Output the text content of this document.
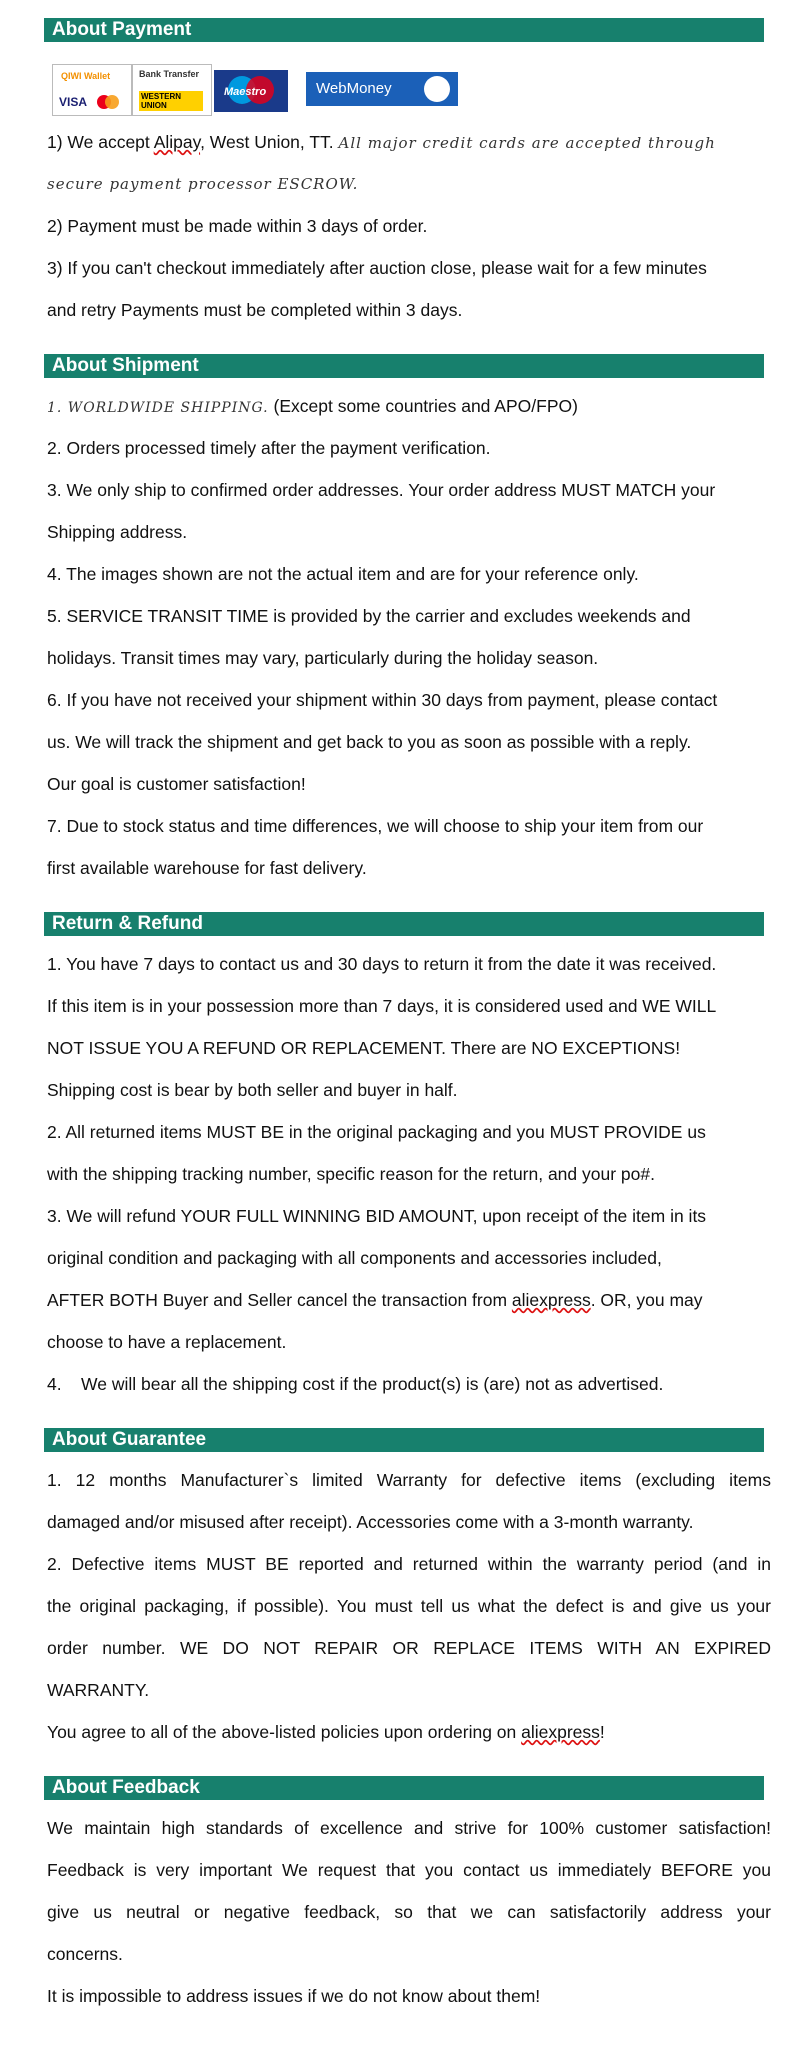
About Payment
QIWI Wallet
VISA
Bank Transfer
WESTERN UNION
Maestro	WebMoney
1) We accept Alipay, West Union, TT. All major credit cards are accepted through
secure payment processor ESCROW.
2) Payment must be made within 3 days of order.
3) If you can't checkout immediately after auction close, please wait for a few minutes
and retry Payments must be completed within 3 days.
About Shipment
1. WORLDWIDE SHIPPING. (Except some countries and APO/FPO)
2. Orders processed timely after the payment verification.
3. We only ship to confirmed order addresses. Your order address MUST MATCH your
Shipping address.
4. The images shown are not the actual item and are for your reference only.
5. SERVICE TRANSIT TIME is provided by the carrier and excludes weekends and
holidays. Transit times may vary, particularly during the holiday season.
6. If you have not received your shipment within 30 days from payment, please contact
us. We will track the shipment and get back to you as soon as possible with a reply.
Our goal is customer satisfaction!
7. Due to stock status and time differences, we will choose to ship your item from our
first available warehouse for fast delivery.
Return & Refund
1. You have 7 days to contact us and 30 days to return it from the date it was received.
If this item is in your possession more than 7 days, it is considered used and WE WILL
NOT ISSUE YOU A REFUND OR REPLACEMENT. There are NO EXCEPTIONS!
Shipping cost is bear by both seller and buyer in half.
2. All returned items MUST BE in the original packaging and you MUST PROVIDE us
with the shipping tracking number, specific reason for the return, and your po#.
3. We will refund YOUR FULL WINNING BID AMOUNT, upon receipt of the item in its
original condition and packaging with all components and accessories included,
AFTER BOTH Buyer and Seller cancel the transaction from aliexpress. OR, you may
choose to have a replacement.
4.    We will bear all the shipping cost if the product(s) is (are) not as advertised.
About Guarantee
1. 12 months Manufacturer`s limited Warranty for defective items (excluding items
damaged and/or misused after receipt). Accessories come with a 3-month warranty.
2. Defective items MUST BE reported and returned within the warranty period (and in
the original packaging, if possible). You must tell us what the defect is and give us your
order number. WE DO NOT REPAIR OR REPLACE ITEMS WITH AN EXPIRED
WARRANTY.
You agree to all of the above-listed policies upon ordering on aliexpress!
About Feedback
We maintain high standards of excellence and strive for 100% customer satisfaction!
Feedback is very important We request that you contact us immediately BEFORE you
give us neutral or negative feedback, so that we can satisfactorily address your
concerns.
It is impossible to address issues if we do not know about them!
